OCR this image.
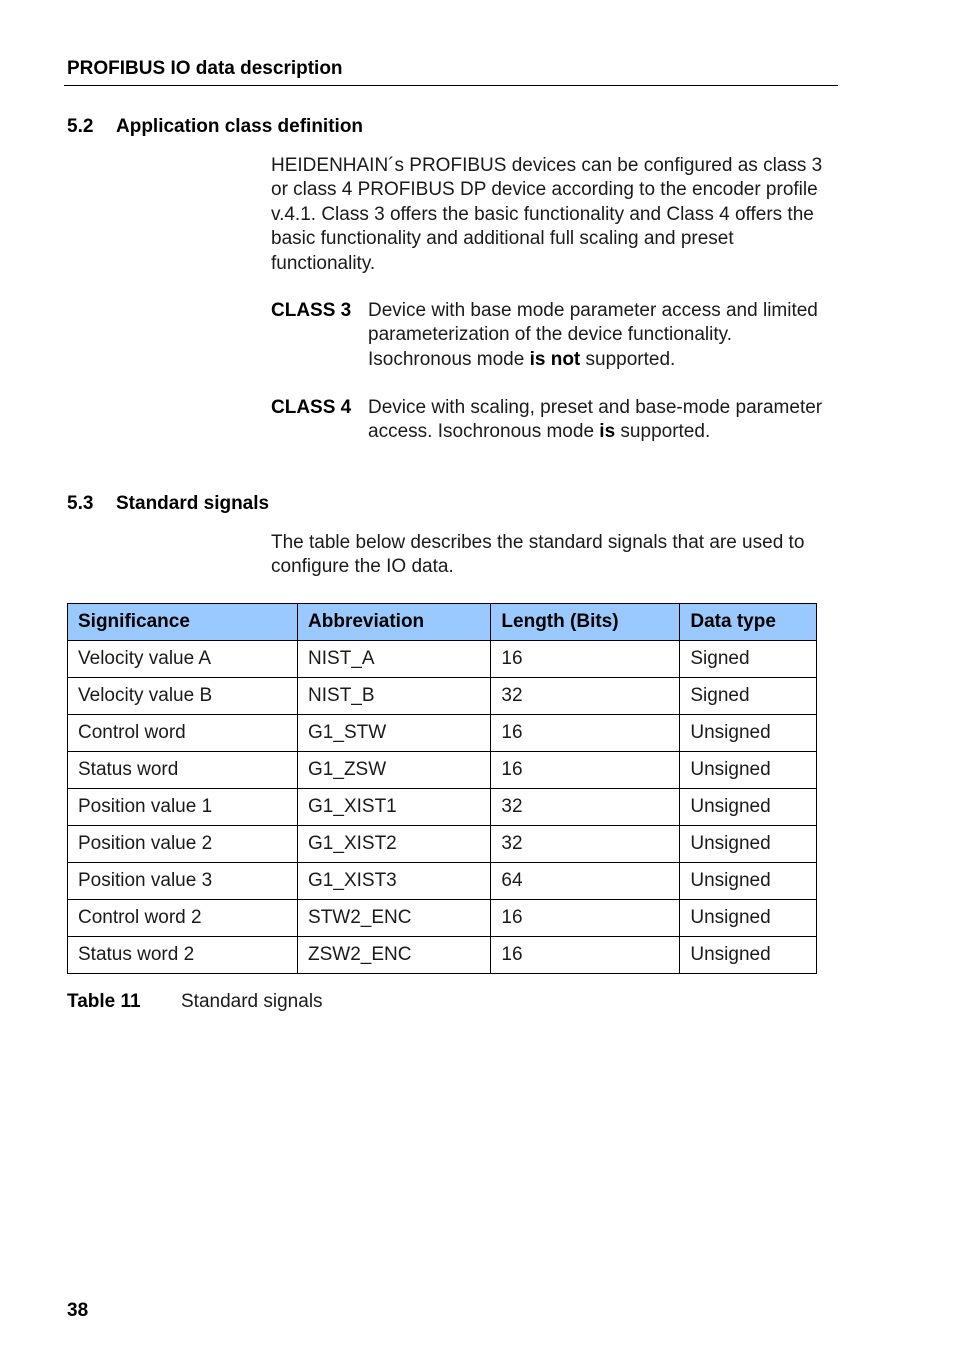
PROFIBUS IO data description
5.2 Application class definition
HEIDENHAIN´s PROFIBUS devices can be configured as class 3 or class 4 PROFIBUS DP device according to the encoder profile v.4.1. Class 3 offers the basic functionality and Class 4 offers the basic functionality and additional full scaling and preset functionality.
CLASS 3 Device with base mode parameter access and limited parameterization of the device functionality. Isochronous mode is not supported.
CLASS 4 Device with scaling, preset and base-mode parameter access. Isochronous mode is supported.
5.3 Standard signals
The table below describes the standard signals that are used to configure the IO data.
Significance	Abbreviation	Length (Bits)	Data type
Velocity value A	NIST_A	16	Signed
Velocity value B	NIST_B	32	Signed
Control word	G1_STW	16	Unsigned
Status word	G1_ZSW	16	Unsigned
Position value 1	G1_XIST1	32	Unsigned
Position value 2	G1_XIST2	32	Unsigned
Position value 3	G1_XIST3	64	Unsigned
Control word 2	STW2_ENC	16	Unsigned
Status word 2	ZSW2_ENC	16	Unsigned
Table 11 Standard signals
38
